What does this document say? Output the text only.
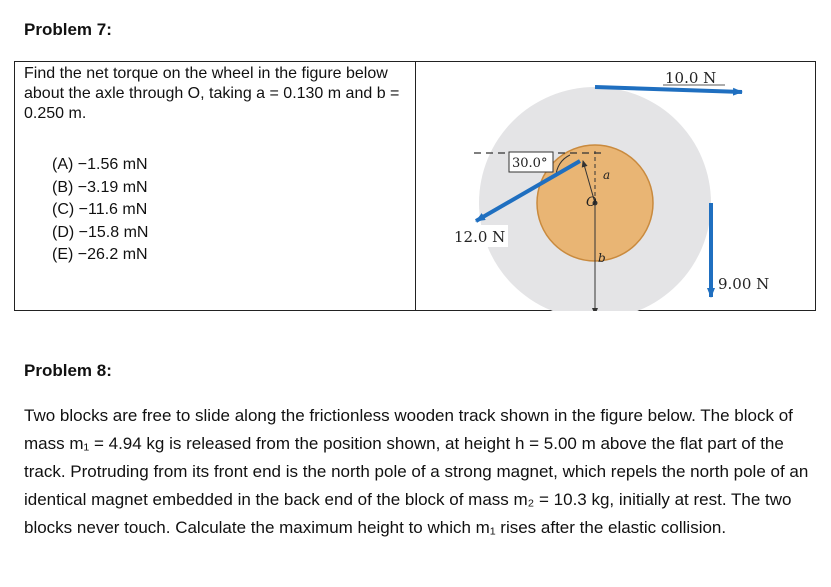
Problem 7:
Find the net torque on the wheel in the figure below about the axle through O, taking a = 0.130 m and b = 0.250 m.
(A) −1.56 mN
(B) −3.19 mN
(C) −11.6 mN
(D) −15.8 mN
(E) −26.2 mN
10.0 N
30.0°
a
O
b
12.0 N
9.00 N
Problem 8:

Two blocks are free to slide along the frictionless wooden track shown in the figure below. The block of mass m₁ = 4.94 kg is released from the position shown, at height h = 5.00 m above the flat part of the track. Protruding from its front end is the north pole of a strong magnet, which repels the north pole of an identical magnet embedded in the back end of the block of mass m₂ = 10.3 kg, initially at rest. The two blocks never touch. Calculate the maximum height to which m₁ rises after the elastic collision.
